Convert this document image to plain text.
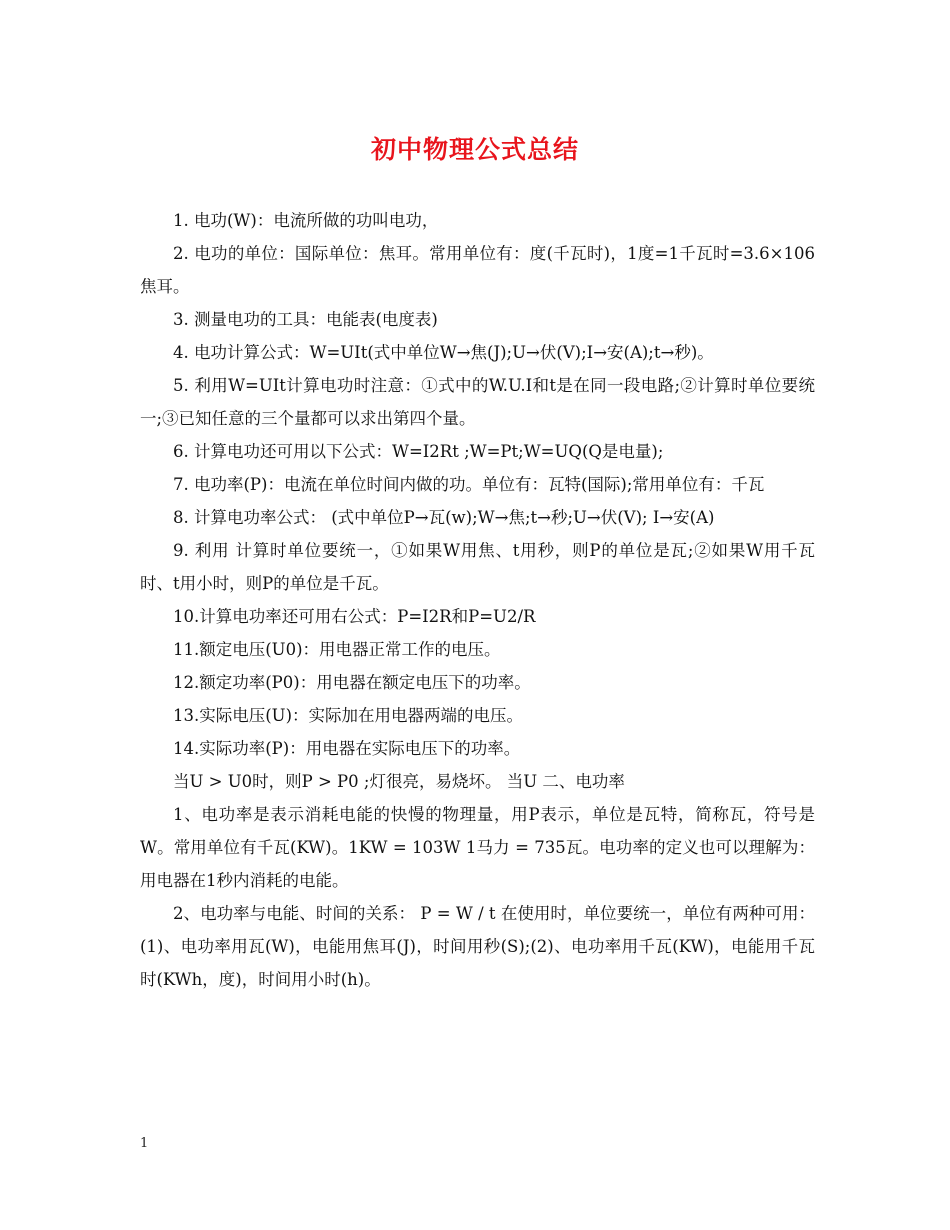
初中物理公式总结

1. 电功(W)：电流所做的功叫电功，

2. 电功的单位：国际单位：焦耳。常用单位有：度(千瓦时)，1度=1千瓦时=3.6×106焦耳。

3. 测量电功的工具：电能表(电度表)

4. 电功计算公式：W=UIt(式中单位W→焦(J);U→伏(V);I→安(A);t→秒)。

5. 利用W=UIt计算电功时注意：①式中的W.U.I和t是在同一段电路;②计算时单位要统一;③已知任意的三个量都可以求出第四个量。

6. 计算电功还可用以下公式：W=I2Rt ;W=Pt;W=UQ(Q是电量);

7. 电功率(P)：电流在单位时间内做的功。单位有：瓦特(国际);常用单位有：千瓦

8. 计算电功率公式： (式中单位P→瓦(w);W→焦;t→秒;U→伏(V); I→安(A)

9. 利用 计算时单位要统一，①如果W用焦、t用秒，则P的单位是瓦;②如果W用千瓦时、t用小时，则P的单位是千瓦。

10.计算电功率还可用右公式：P=I2R和P=U2/R

11.额定电压(U0)：用电器正常工作的电压。

12.额定功率(P0)：用电器在额定电压下的功率。

13.实际电压(U)：实际加在用电器两端的电压。

14.实际功率(P)：用电器在实际电压下的功率。

当U > U0时，则P > P0 ;灯很亮，易烧坏。 当U 二、电功率

1、电功率是表示消耗电能的快慢的物理量，用P表示，单位是瓦特，简称瓦，符号是W。常用单位有千瓦(KW)。1KW = 103W 1马力 = 735瓦。电功率的定义也可以理解为：用电器在1秒内消耗的电能。

2、电功率与电能、时间的关系： P = W / t 在使用时，单位要统一，单位有两种可用：(1)、电功率用瓦(W)，电能用焦耳(J)，时间用秒(S);(2)、电功率用千瓦(KW)，电能用千瓦时(KWh，度)，时间用小时(h)。

1
